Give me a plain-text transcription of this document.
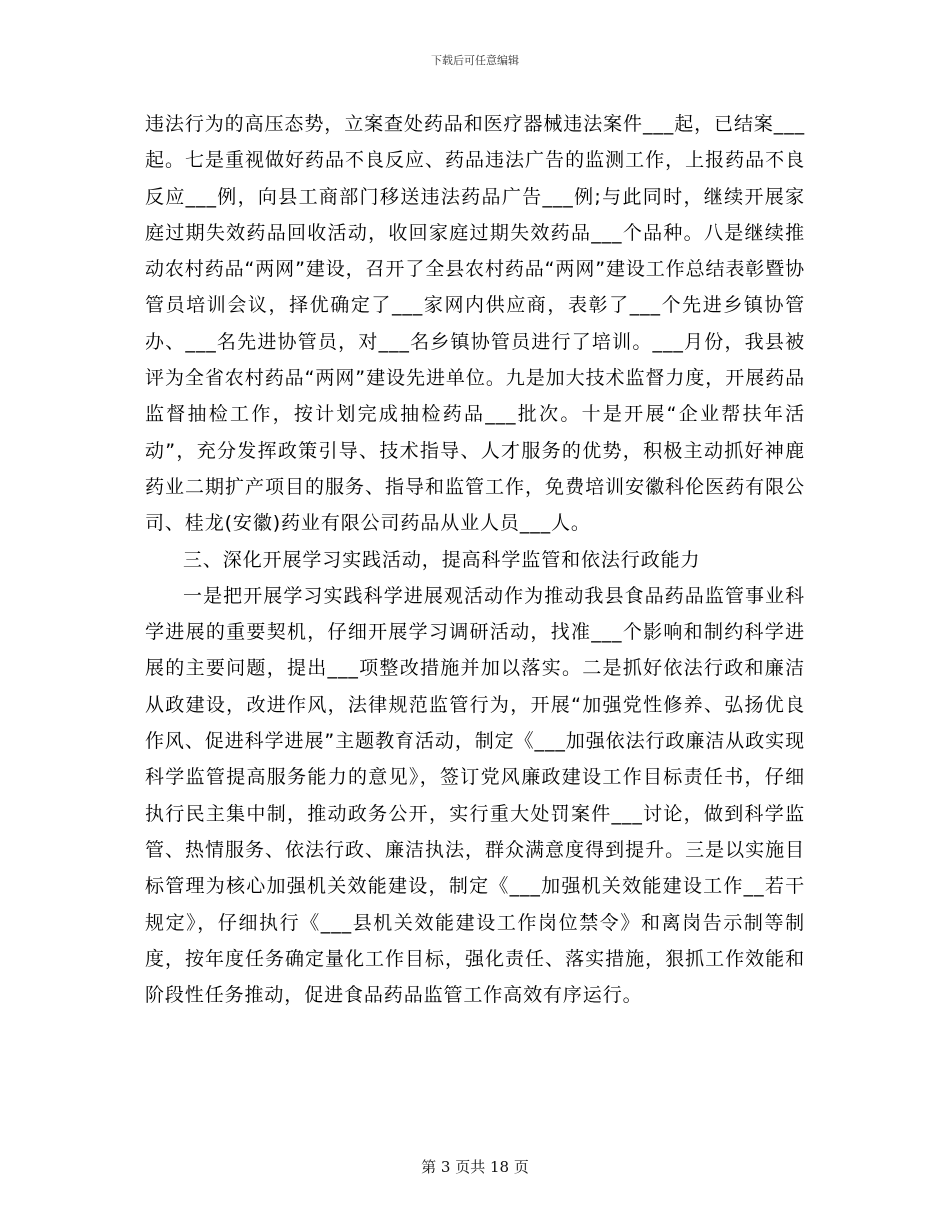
下载后可任意编辑

违法行为的高压态势，立案查处药品和医疗器械违法案件___起，已结案___起。七是重视做好药品不良反应、药品违法广告的监测工作，上报药品不良反应___例，向县工商部门移送违法药品广告___例;与此同时，继续开展家庭过期失效药品回收活动，收回家庭过期失效药品___个品种。八是继续推动农村药品“两网”建设，召开了全县农村药品“两网”建设工作总结表彰暨协管员培训会议，择优确定了___家网内供应商，表彰了___个先进乡镇协管办、___名先进协管员，对___名乡镇协管员进行了培训。___月份，我县被评为全省农村药品“两网”建设先进单位。九是加大技术监督力度，开展药品监督抽检工作，按计划完成抽检药品___批次。十是开展“企业帮扶年活动”，充分发挥政策引导、技术指导、人才服务的优势，积极主动抓好神鹿药业二期扩产项目的服务、指导和监管工作，免费培训安徽科伦医药有限公司、桂龙(安徽)药业有限公司药品从业人员___人。

三、深化开展学习实践活动，提高科学监管和依法行政能力

一是把开展学习实践科学进展观活动作为推动我县食品药品监管事业科学进展的重要契机，仔细开展学习调研活动，找准___个影响和制约科学进展的主要问题，提出___项整改措施并加以落实。二是抓好依法行政和廉洁从政建设，改进作风，法律规范监管行为，开展“加强党性修养、弘扬优良作风、促进科学进展”主题教育活动，制定《___加强依法行政廉洁从政实现科学监管提高服务能力的意见》，签订党风廉政建设工作目标责任书，仔细执行民主集中制，推动政务公开，实行重大处罚案件___讨论，做到科学监管、热情服务、依法行政、廉洁执法，群众满意度得到提升。三是以实施目标管理为核心加强机关效能建设，制定《___加强机关效能建设工作__若干规定》，仔细执行《___县机关效能建设工作岗位禁令》和离岗告示制等制度，按年度任务确定量化工作目标，强化责任、落实措施，狠抓工作效能和阶段性任务推动，促进食品药品监管工作高效有序运行。

第 3 页共 18 页
